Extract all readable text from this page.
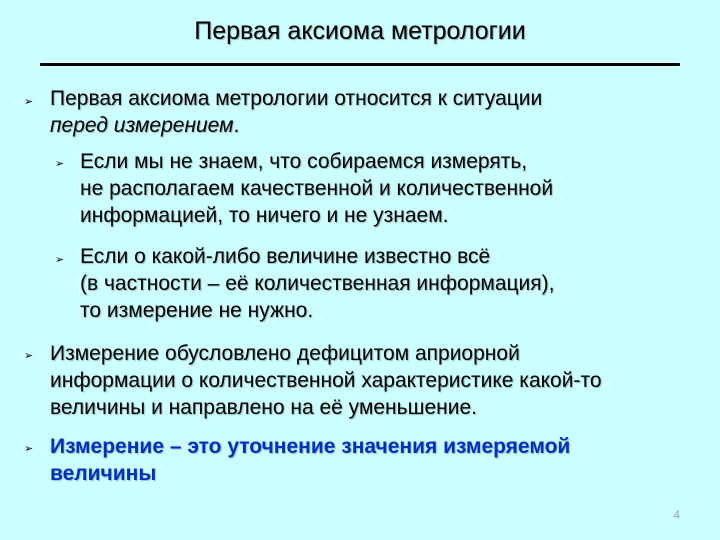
Первая аксиома метрологии
➢ Первая аксиома метрологии относится к ситуации
перед измерением.
➢ Если мы не знаем, что собираемся измерять,
не располагаем качественной и количественной
информацией, то ничего и не узнаем.
➢ Если о какой-либо величине известно всё
(в частности – её количественная информация),
то измерение не нужно.
➢ Измерение обусловлено дефицитом априорной
информации о количественной характеристике какой-то
величины и направлено на её уменьшение.
➢ Измерение – это уточнение значения измеряемой
величины
4
